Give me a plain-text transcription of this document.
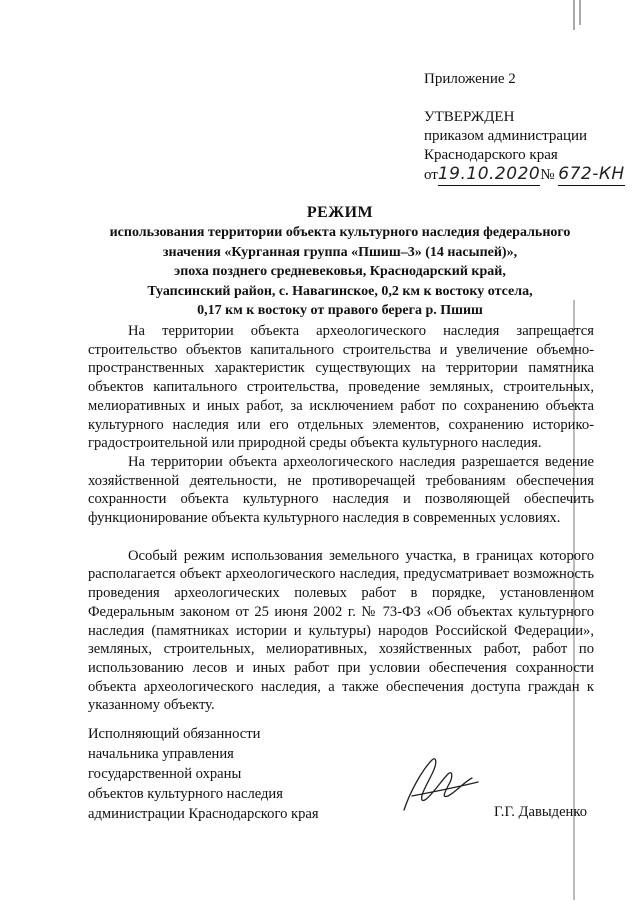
Приложение 2
УТВЕРЖДЕН
приказом администрации
Краснодарского края
от19.10.2020№ 672-КН
РЕЖИМ
использования территории объекта культурного наследия федерального
значения «Курганная группа «Пшиш–3» (14 насыпей)»,
эпоха позднего средневековья, Краснодарский край,
Туапсинский район, с. Навагинское, 0,2 км к востоку отсела,
0,17 км к востоку от правого берега р. Пшиш

На территории объекта археологического наследия запрещается строительство объектов капитального строительства и увеличение объемно-пространственных характеристик существующих на территории памятника объектов капитального строительства, проведение земляных, строительных, мелиоративных и иных работ, за исключением работ по сохранению объекта культурного наследия или его отдельных элементов, сохранению историко-градостроительной или природной среды объекта культурного наследия.

На территории объекта археологического наследия разрешается ведение хозяйственной деятельности, не противоречащей требованиям обеспечения сохранности объекта культурного наследия и позволяющей обеспечить функционирование объекта культурного наследия в современных условиях.

Особый режим использования земельного участка, в границах которого располагается объект археологического наследия, предусматривает возможность проведения археологических полевых работ в порядке, установленном Федеральным законом от 25 июня 2002 г. № 73-ФЗ «Об объектах культурного наследия (памятниках истории и культуры) народов Российской Федерации», земляных, строительных, мелиоративных, хозяйственных работ, работ по использованию лесов и иных работ при условии обеспечения сохранности объекта археологического наследия, а также обеспечения доступа граждан к указанному объекту.

Исполняющий обязанности
начальника управления
государственной охраны
объектов культурного наследия
администрации Краснодарского края	Г.Г. Давыденко
